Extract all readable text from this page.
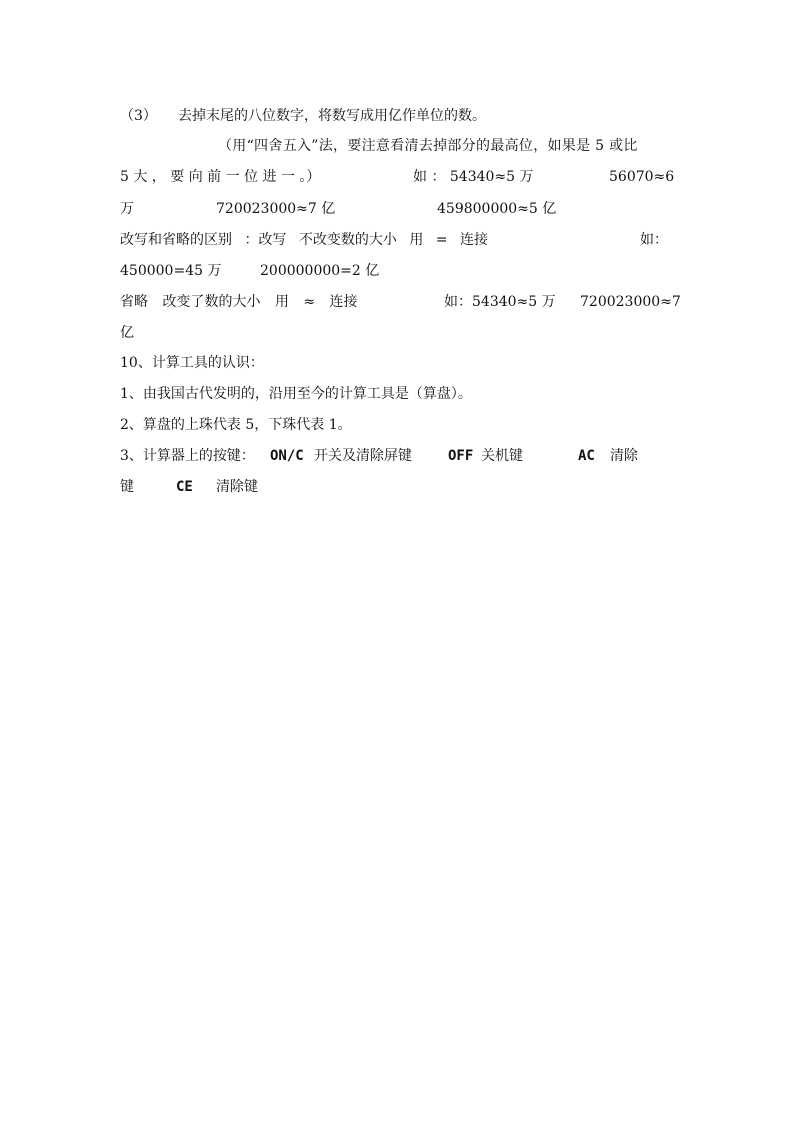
（3） 去掉末尾的八位数字，将数写成用亿作单位的数。
（用“四舍五入”法，要注意看清去掉部分的最高位，如果是 5 或比
5 大 ， 要 向 前 一 位 进 一 。）	如 ： 54340≈5 万	56070≈6
万	720023000≈7 亿	459800000≈5 亿
改写和省略的区别 ：改写 不改变数的大小 用 = 连接	如：
450000=45 万	200000000=2 亿
省略 改变了数的大小 用 ≈ 连接	如：54340≈5 万 720023000≈7
亿
10、计算工具的认识：
1、由我国古代发明的，沿用至今的计算工具是（算盘）。
2、算盘的上珠代表 5，下珠代表 1。
3、计算器上的按键： ON/C 开关及清除屏键	OFF 关机键	AC 清除
键	CE 清除键
